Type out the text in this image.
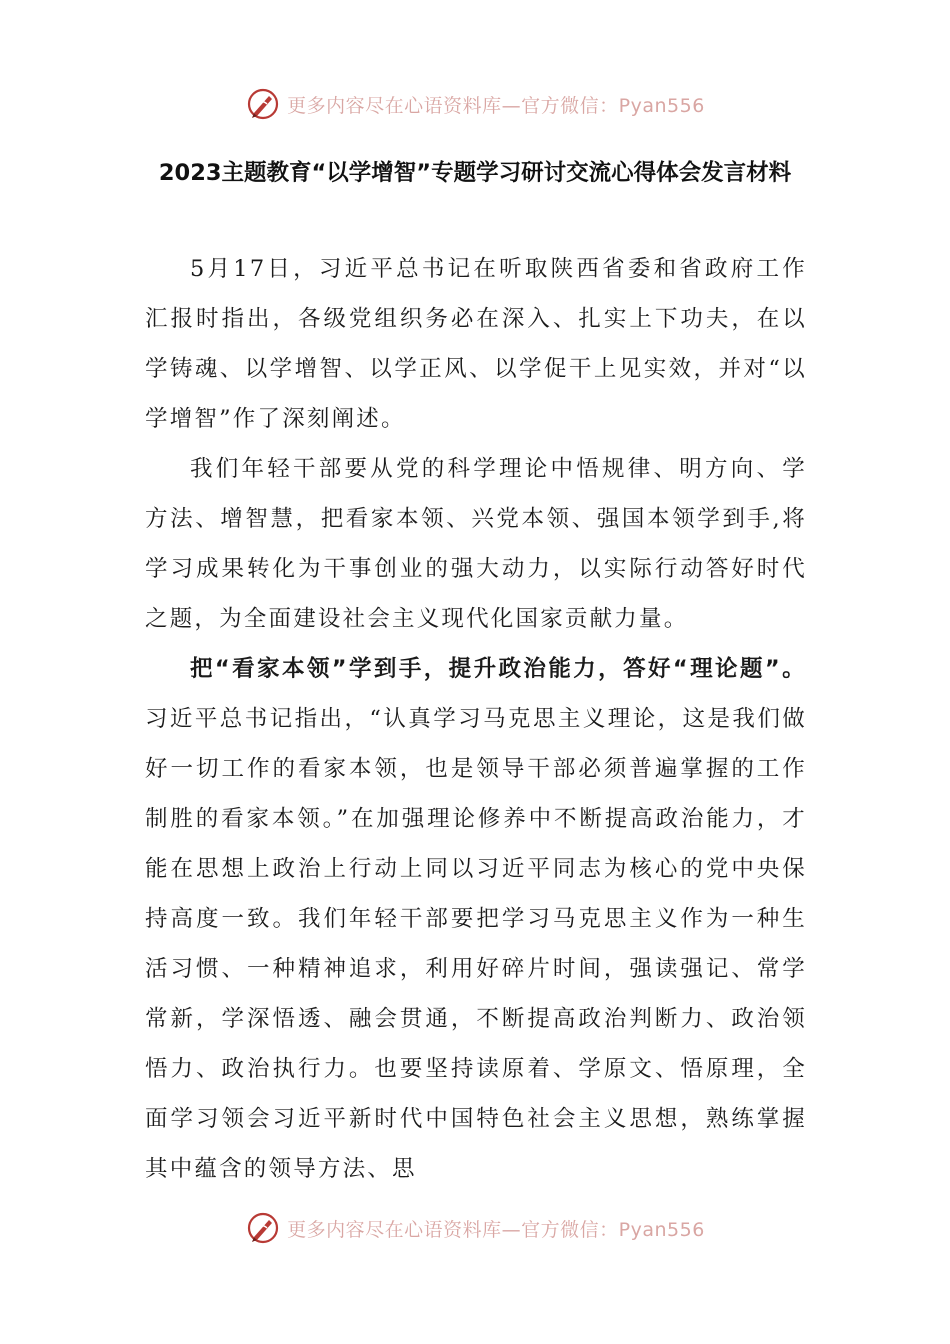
更多内容尽在心语资料库—官方微信：Pyan556
2023主题教育“以学增智”专题学习研讨交流心得体会发言材料

5月17日，习近平总书记在听取陕西省委和省政府工作汇报时指出，各级党组织务必在深入、扎实上下功夫，在以学铸魂、以学增智、以学正风、以学促干上见实效，并对“以学增智”作了深刻阐述。

我们年轻干部要从党的科学理论中悟规律、明方向、学方法、增智慧，把看家本领、兴党本领、强国本领学到手,将学习成果转化为干事创业的强大动力，以实际行动答好时代之题，为全面建设社会主义现代化国家贡献力量。

把“看家本领”学到手，提升政治能力，答好“理论题”。习近平总书记指出，“认真学习马克思主义理论，这是我们做好一切工作的看家本领，也是领导干部必须普遍掌握的工作制胜的看家本领。”在加强理论修养中不断提高政治能力，才能在思想上政治上行动上同以习近平同志为核心的党中央保持高度一致。我们年轻干部要把学习马克思主义作为一种生活习惯、一种精神追求，利用好碎片时间，强读强记、常学常新，学深悟透、融会贯通，不断提高政治判断力、政治领悟力、政治执行力。也要坚持读原着、学原文、悟原理，全面学习领会习近平新时代中国特色社会主义思想，熟练掌握其中蕴含的领导方法、思

更多内容尽在心语资料库—官方微信：Pyan556
